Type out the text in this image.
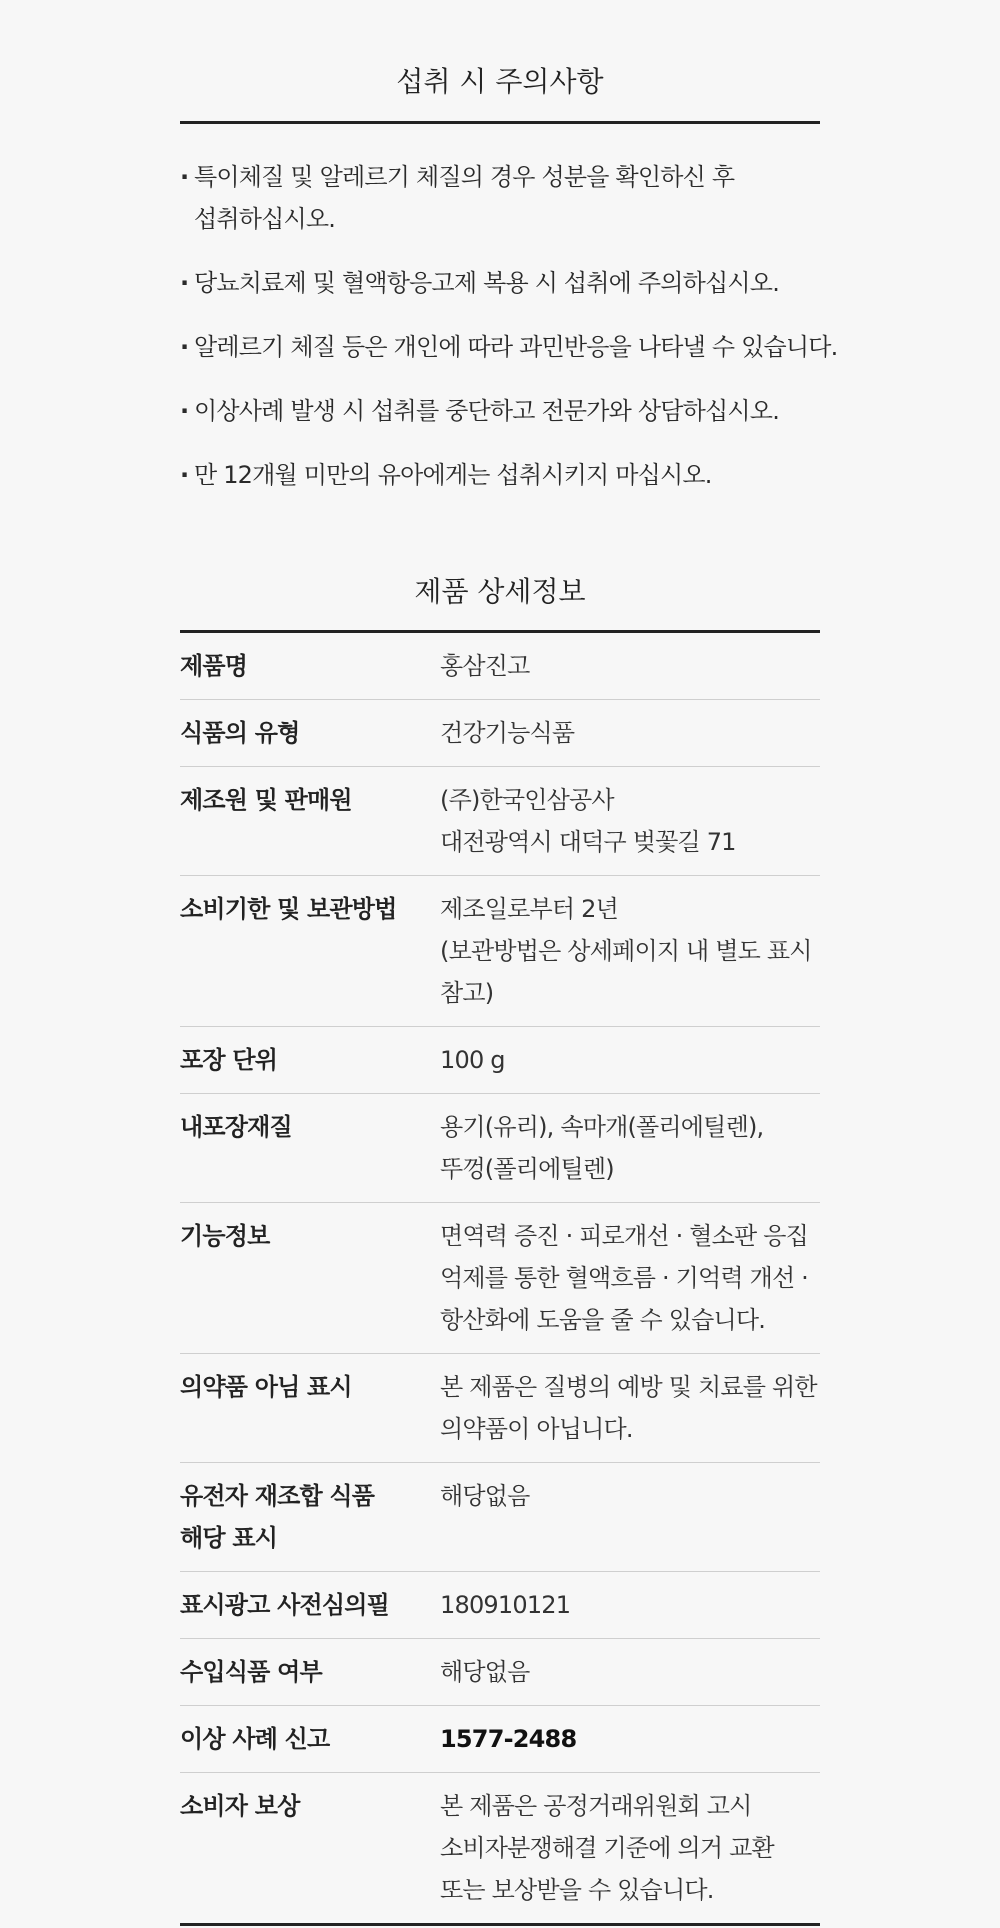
섭취 시 주의사항
· 특이체질 및 알레르기 체질의 경우 성분을 확인하신 후
섭취하십시오.
· 당뇨치료제 및 혈액항응고제 복용 시 섭취에 주의하십시오.
· 알레르기 체질 등은 개인에 따라 과민반응을 나타낼 수 있습니다.
· 이상사례 발생 시 섭취를 중단하고 전문가와 상담하십시오.
· 만 12개월 미만의 유아에게는 섭취시키지 마십시오.
제품 상세정보
제품명	홍삼진고
식품의 유형	건강기능식품
제조원 및 판매원	(주)한국인삼공사
대전광역시 대덕구 벚꽃길 71
소비기한 및 보관방법	제조일로부터 2년
(보관방법은 상세페이지 내 별도 표시 참고)
포장 단위	100 g
내포장재질	용기(유리), 속마개(폴리에틸렌),
뚜껑(폴리에틸렌)
기능정보	면역력 증진 · 피로개선 · 혈소판 응집
억제를 통한 혈액흐름 · 기억력 개선 ·
항산화에 도움을 줄 수 있습니다.
의약품 아님 표시	본 제품은 질병의 예방 및 치료를 위한
의약품이 아닙니다.
유전자 재조합 식품
해당 표시	해당없음
표시광고 사전심의필	180910121
수입식품 여부	해당없음
이상 사례 신고	1577-2488
소비자 보상	본 제품은 공정거래위원회 고시
소비자분쟁해결 기준에 의거 교환
또는 보상받을 수 있습니다.
